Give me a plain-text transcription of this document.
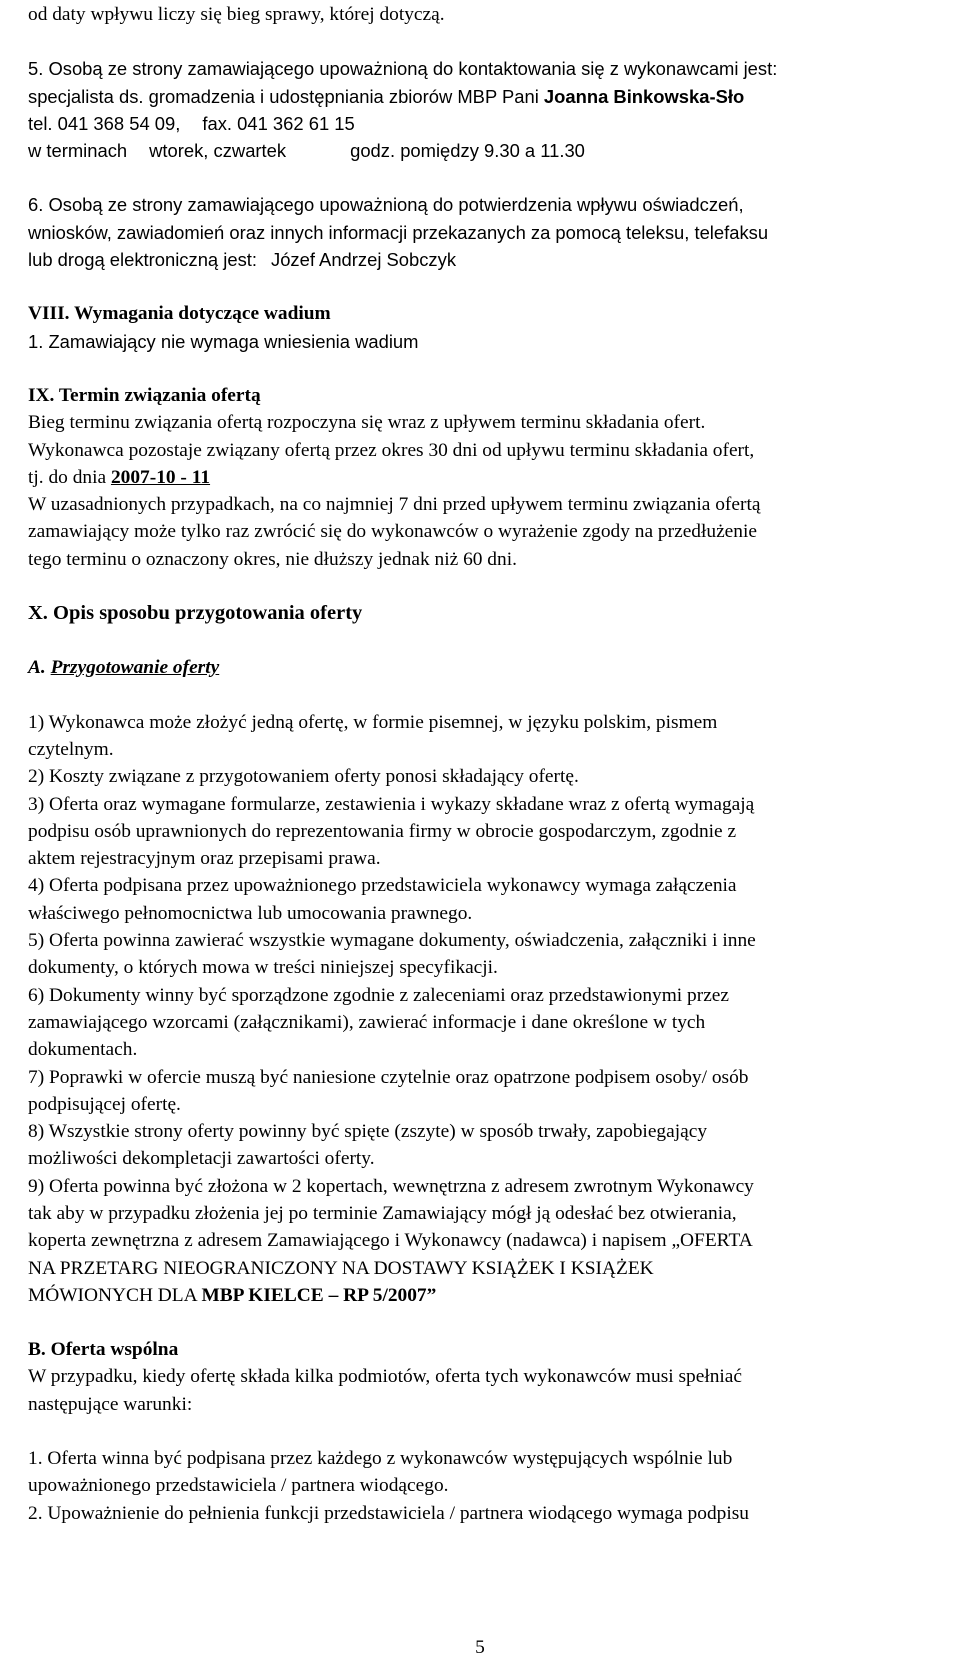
od daty wpływu liczy się bieg sprawy, której dotyczą.
5. Osobą ze strony zamawiającego upoważnioną do kontaktowania się z wykonawcami jest:
specjalista ds. gromadzenia i udostępniania zbiorów MBP Pani Joanna Binkowska-Sło
tel. 041 368 54 09, fax. 041 362 61 15
w terminach wtorek, czwartek	godz. pomiędzy 9.30 a 11.30
6. Osobą ze strony zamawiającego upoważnioną do potwierdzenia wpływu oświadczeń,
wniosków, zawiadomień oraz innych informacji przekazanych za pomocą teleksu, telefaksu
lub drogą elektroniczną jest: Józef Andrzej Sobczyk
VIII. Wymagania dotyczące wadium
1. Zamawiający nie wymaga wniesienia wadium
IX. Termin związania ofertą
Bieg terminu związania ofertą rozpoczyna się wraz z upływem terminu składania ofert.
Wykonawca pozostaje związany ofertą przez okres 30 dni od upływu terminu składania ofert,
tj. do dnia 2007-10 - 11
W uzasadnionych przypadkach, na co najmniej 7 dni przed upływem terminu związania ofertą
zamawiający może tylko raz zwrócić się do wykonawców o wyrażenie zgody na przedłużenie
tego terminu o oznaczony okres, nie dłuższy jednak niż 60 dni.
X. Opis sposobu przygotowania oferty
A. Przygotowanie oferty
1) Wykonawca może złożyć jedną ofertę, w formie pisemnej, w języku polskim, pismem
czytelnym.
2) Koszty związane z przygotowaniem oferty ponosi składający ofertę.
3) Oferta oraz wymagane formularze, zestawienia i wykazy składane wraz z ofertą wymagają
podpisu osób uprawnionych do reprezentowania firmy w obrocie gospodarczym, zgodnie z
aktem rejestracyjnym oraz przepisami prawa.
4) Oferta podpisana przez upoważnionego przedstawiciela wykonawcy wymaga załączenia
właściwego pełnomocnictwa lub umocowania prawnego.
5) Oferta powinna zawierać wszystkie wymagane dokumenty, oświadczenia, załączniki i inne
dokumenty, o których mowa w treści niniejszej specyfikacji.
6) Dokumenty winny być sporządzone zgodnie z zaleceniami oraz przedstawionymi przez
zamawiającego wzorcami (załącznikami), zawierać informacje i dane określone w tych
dokumentach.
7) Poprawki w ofercie muszą być naniesione czytelnie oraz opatrzone podpisem osoby/ osób
podpisującej ofertę.
8) Wszystkie strony oferty powinny być spięte (zszyte) w sposób trwały, zapobiegający
możliwości dekompletacji zawartości oferty.
9) Oferta powinna być złożona w 2 kopertach, wewnętrzna z adresem zwrotnym Wykonawcy
tak aby w przypadku złożenia jej po terminie Zamawiający mógł ją odesłać bez otwierania,
koperta zewnętrzna z adresem Zamawiającego i Wykonawcy (nadawca) i napisem „OFERTA
NA PRZETARG NIEOGRANICZONY NA DOSTAWY KSIĄŻEK I KSIĄŻEK
MÓWIONYCH DLA MBP KIELCE – RP 5/2007”
B. Oferta wspólna
W przypadku, kiedy ofertę składa kilka podmiotów, oferta tych wykonawców musi spełniać
następujące warunki:
1. Oferta winna być podpisana przez każdego z wykonawców występujących wspólnie lub
upoważnionego przedstawiciela / partnera wiodącego.
2. Upoważnienie do pełnienia funkcji przedstawiciela / partnera wiodącego wymaga podpisu
5
